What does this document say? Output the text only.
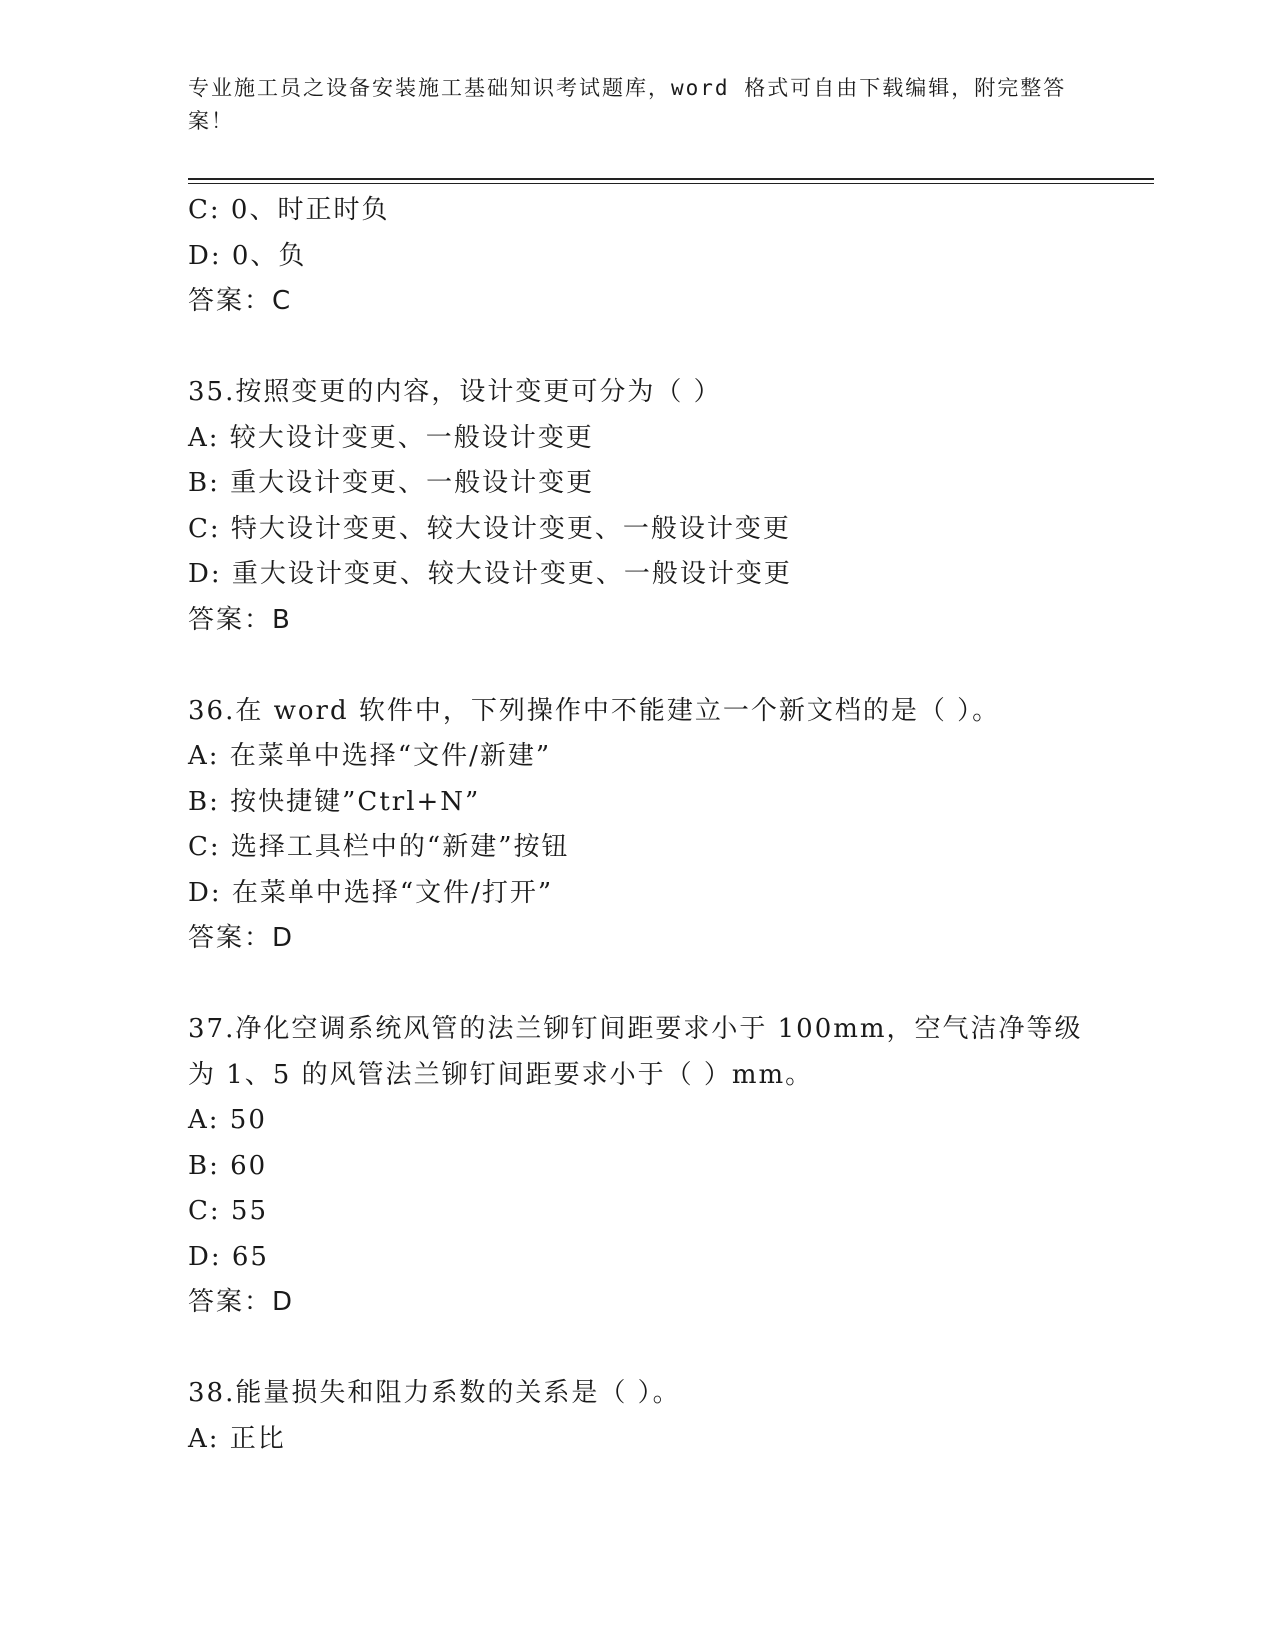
专业施工员之设备安装施工基础知识考试题库，word 格式可自由下载编辑，附完整答案！
C: 0、时正时负
D: 0、负
答案：C
35.按照变更的内容，设计变更可分为（ ）
A: 较大设计变更、一般设计变更
B: 重大设计变更、一般设计变更
C: 特大设计变更、较大设计变更、一般设计变更
D: 重大设计变更、较大设计变更、一般设计变更
答案：B
36.在 word 软件中，下列操作中不能建立一个新文档的是（ ）。
A: 在菜单中选择“文件/新建”
B: 按快捷键”Ctrl+N”
C: 选择工具栏中的“新建”按钮
D: 在菜单中选择“文件/打开”
答案：D
37.净化空调系统风管的法兰铆钉间距要求小于 100mm，空气洁净等级
为 1、5 的风管法兰铆钉间距要求小于（ ）mm。
A: 50
B: 60
C: 55
D: 65
答案：D
38.能量损失和阻力系数的关系是（ ）。
A: 正比
